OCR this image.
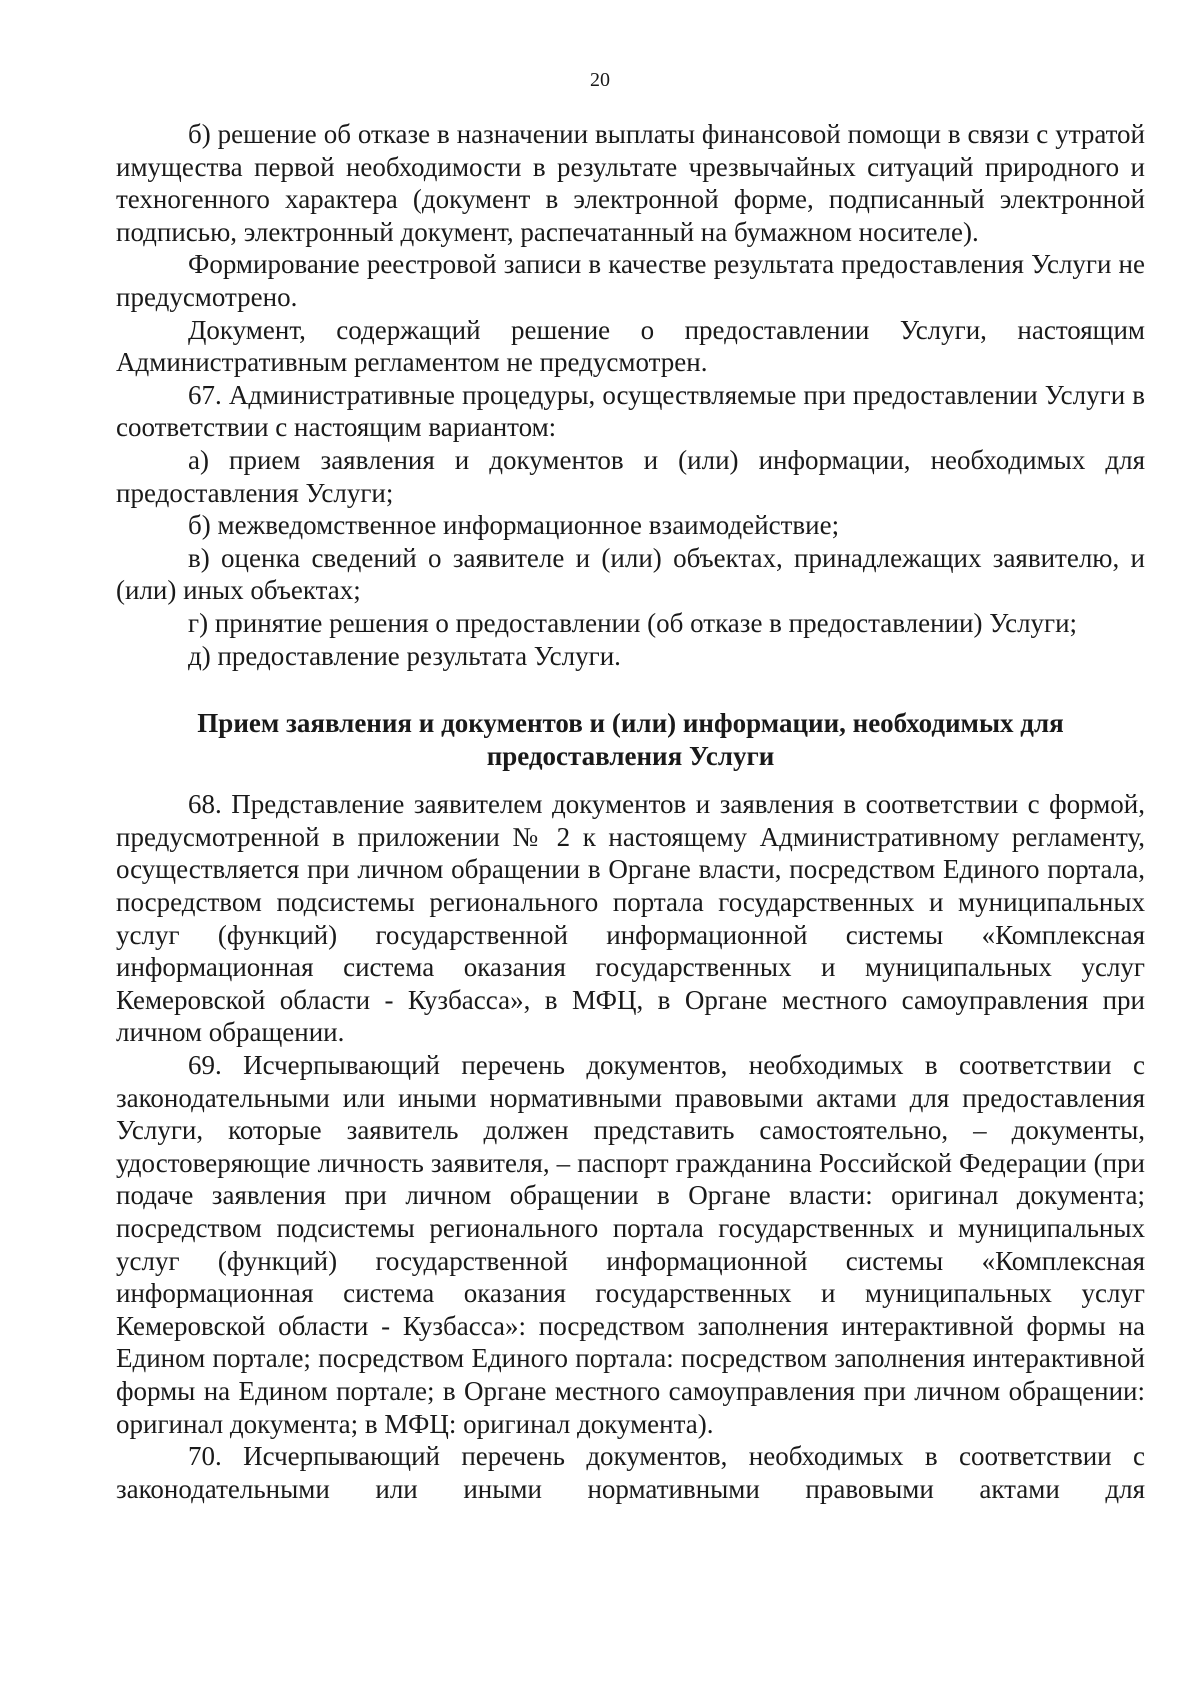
20

б) решение об отказе в назначении выплаты финансовой помощи в связи с утратой имущества первой необходимости в результате чрезвычайных ситуаций природного и техногенного характера (документ в электронной форме, подписанный электронной подписью, электронный документ, распечатанный на бумажном носителе).

Формирование реестровой записи в качестве результата предоставления Услуги не предусмотрено.

Документ, содержащий решение о предоставлении Услуги, настоящим Административным регламентом не предусмотрен.

67. Административные процедуры, осуществляемые при предоставлении Услуги в соответствии с настоящим вариантом:

а) прием заявления и документов и (или) информации, необходимых для предоставления Услуги;

б) межведомственное информационное взаимодействие;

в) оценка сведений о заявителе и (или) объектах, принадлежащих заявителю, и (или) иных объектах;

г) принятие решения о предоставлении (об отказе в предоставлении) Услуги;

д) предоставление результата Услуги.

Прием заявления и документов и (или) информации, необходимых для предоставления Услуги

68. Представление заявителем документов и заявления в соответствии с формой, предусмотренной в приложении № 2 к настоящему Административному регламенту, осуществляется при личном обращении в Органе власти, посредством Единого портала, посредством подсистемы регионального портала государственных и муниципальных услуг (функций) государственной информационной системы «Комплексная информационная система оказания государственных и муниципальных услуг Кемеровской области - Кузбасса», в МФЦ, в Органе местного самоуправления при личном обращении.

69. Исчерпывающий перечень документов, необходимых в соответствии с законодательными или иными нормативными правовыми актами для предоставления Услуги, которые заявитель должен представить самостоятельно, – документы, удостоверяющие личность заявителя, – паспорт гражданина Российской Федерации (при подаче заявления при личном обращении в Органе власти: оригинал документа; посредством подсистемы регионального портала государственных и муниципальных услуг (функций) государственной информационной системы «Комплексная информационная система оказания государственных и муниципальных услуг Кемеровской области - Кузбасса»: посредством заполнения интерактивной формы на Едином портале; посредством Единого портала: посредством заполнения интерактивной формы на Едином портале; в Органе местного самоуправления при личном обращении: оригинал документа; в МФЦ: оригинал документа).

70. Исчерпывающий перечень документов, необходимых в соответствии с законодательными или иными нормативными правовыми актами для
